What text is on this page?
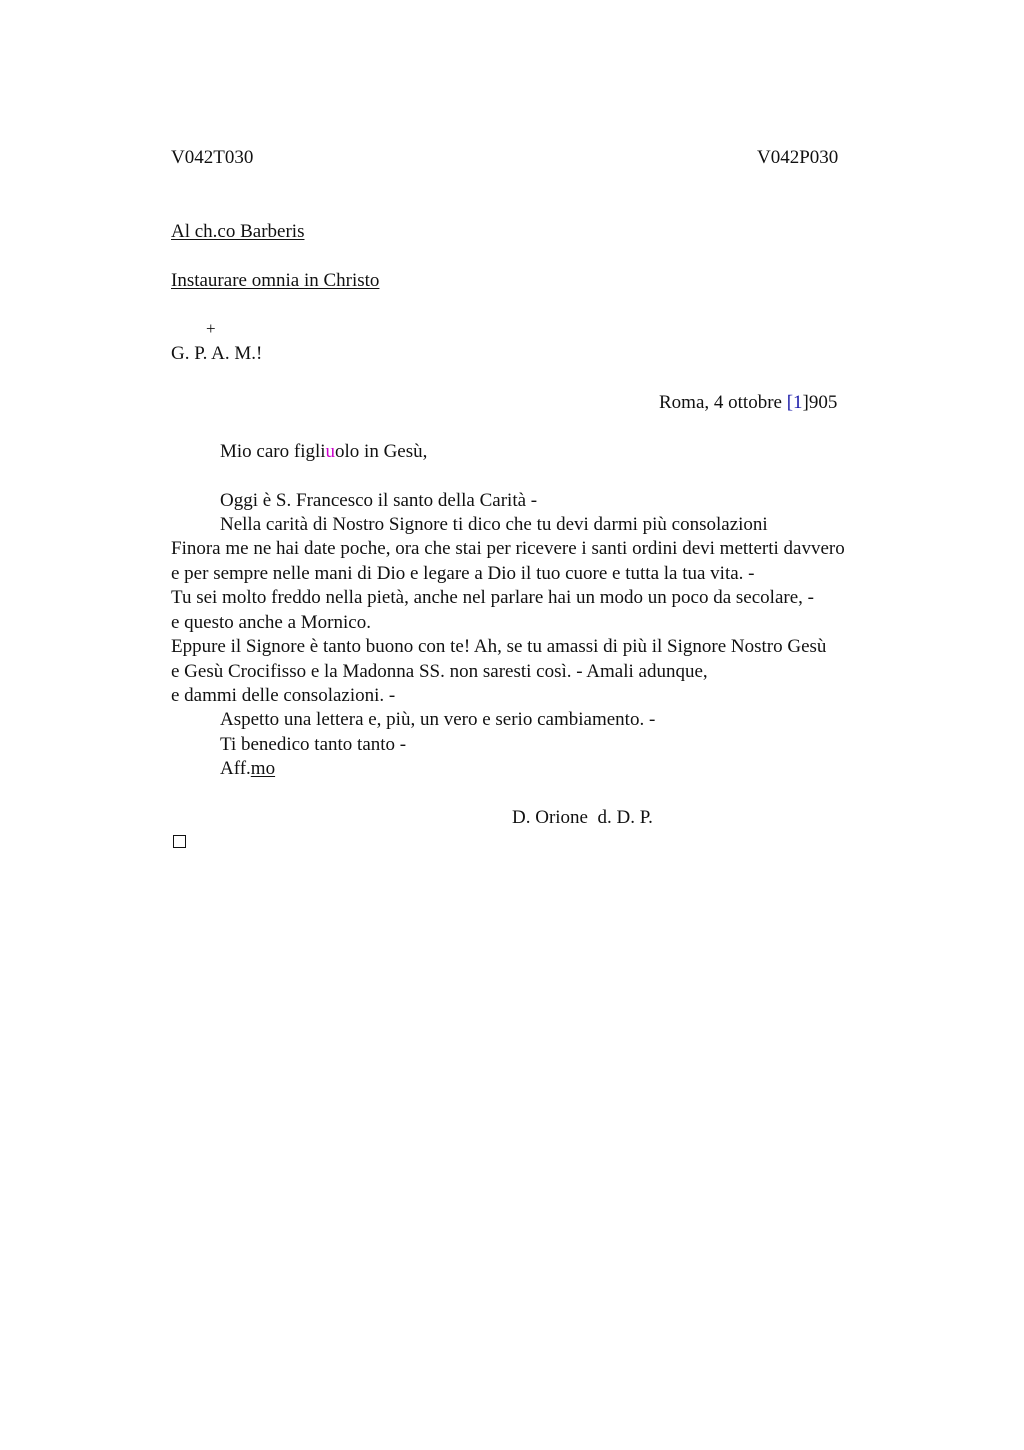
V042T030	V042P030

Al ch.co Barberis

Instaurare omnia in Christo

+

G. P. A. M.!

Roma, 4 ottobre [1]905

Mio caro figliuolo in Gesù,

Oggi è S. Francesco il santo della Carità -

Nella carità di Nostro Signore ti dico che tu devi darmi più consolazioni

Finora me ne hai date poche, ora che stai per ricevere i santi ordini devi metterti davvero

e per sempre nelle mani di Dio e legare a Dio il tuo cuore e tutta la tua vita. -

Tu sei molto freddo nella pietà, anche nel parlare hai un modo un poco da secolare, -

e questo anche a Mornico.

Eppure il Signore è tanto buono con te! Ah, se tu amassi di più il Signore Nostro Gesù

e Gesù Crocifisso e la Madonna SS. non saresti così. - Amali adunque,

e dammi delle consolazioni. -

Aspetto una lettera e, più, un vero e serio cambiamento. -

Ti benedico tanto tanto -

Aff.mo

D. Orione  d. D. P.
